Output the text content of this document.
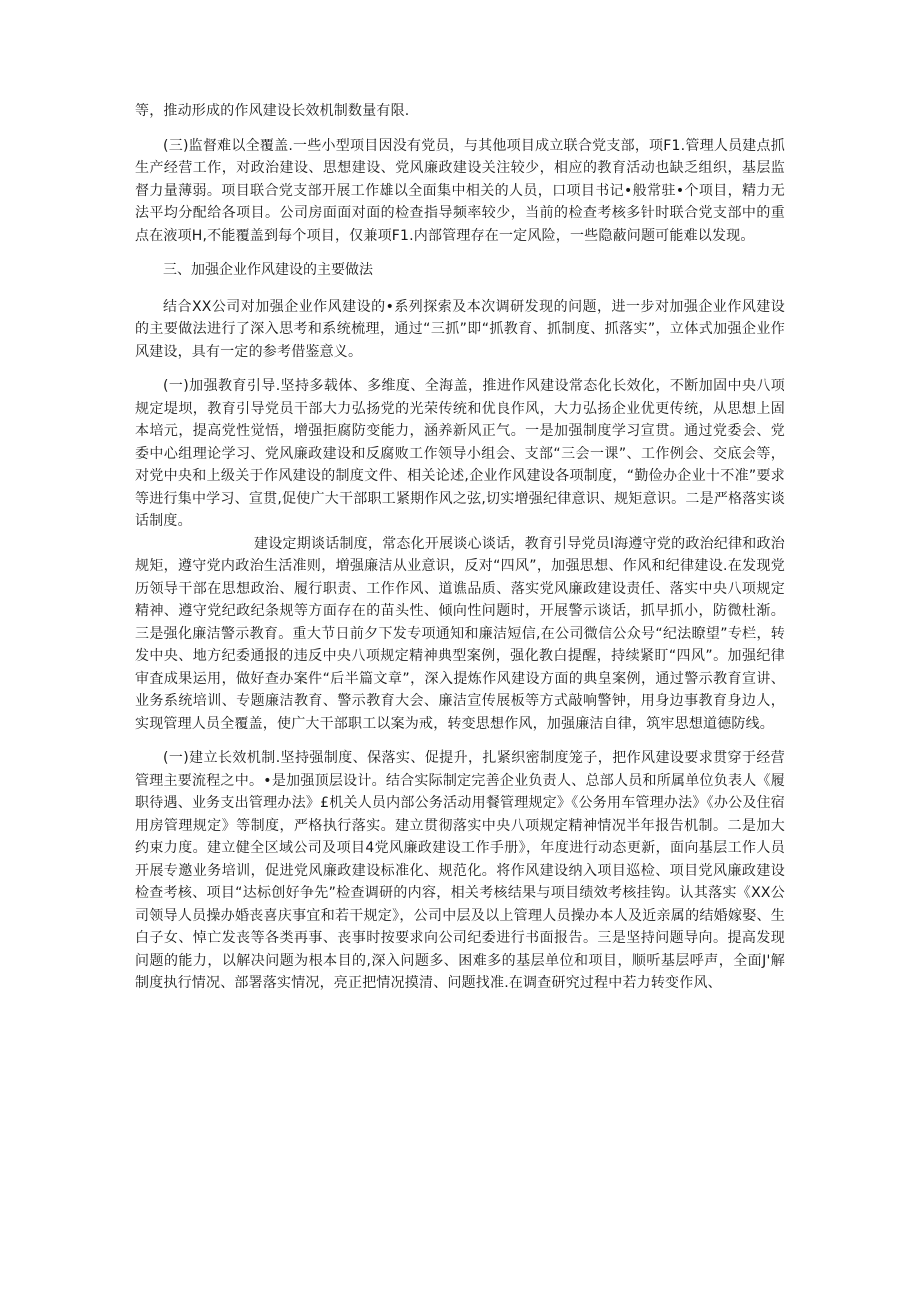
等，推动形成的作风建设长效机制数量有限.

(三)监督难以全覆盖.一些小型项目因没有党员，与其他项目成立联合党支部，项F1.管理人员建点抓生产经营工作，对政治建设、思想建设、党风廉政建设关注较少，相应的教育活动也缺乏组织，基层监督力量薄弱。项目联合党支部开展工作雄以全面集中相关的人员，口项目书记•般常驻•个项目，精力无法平均分配给各项目。公司房面面对面的检查指导频率较少，当前的检查考核多针时联合党支部中的重点在液项H,不能覆盖到每个项目，仅兼项F1.内部管理存在一定风险，一些隐蔽问题可能难以发现。

三、加强企业作风建设的主要做法

结合XX公司对加强企业作风建设的•系列探索及本次调研发现的问题，进一步对加强企业作风建设的主要做法进行了深入思考和系统梳理，通过“三抓”即“抓教育、抓制度、抓落实”，立体式加强企业作风建设，具有一定的参考借鉴意义。

(一)加强教育引导.坚持多载体、多维度、全海盖，推进作风建设常态化长效化，不断加固中央八项规定堤坝，教育引导党员干部大力弘扬党的光荣传统和优良作风，大力弘扬企业优更传统，从思想上固本培元，提高党性觉悟，增强拒腐防变能力，涵养新风正气。一是加强制度学习宣贯。通过党委会、党委中心组理论学习、党风廉政建设和反腐败工作领导小组会、支部“三会一课”、工作例会、交底会等，对党中央和上级关于作风建设的制度文件、相关论述,企业作风建设各项制度，“勤俭办企业十不准”要求等进行集中学习、宣贯,促使广大干部职工紧期作风之弦,切实增强纪律意识、规矩意识。二是严格落实谈话制度。

建设定期谈话制度，常态化开展谈心谈话，教育引导党员l海遵守党的政治纪律和政治规矩，遵守党内政治生活准则，増强廉洁从业意识，反对“四风”，加强思想、作风和纪律建设.在发现党历领导干部在思想政治、履行职责、工作作风、道谯品质、落实党风廉政建设责任、落实中央八项规定精神、遵守党纪政纪条规等方面存在的苗头性、倾向性问题时，开展警示谈话，抓早抓小，防微杜渐。三是强化廉洁警示教育。重大节日前夕下发专项通知和廉洁短信,在公司微信公众号“纪法瞭望”专栏，转发中央、地方纪委通报的违反中央八项规定精神典型案例，强化教白提醒，持续紧盯“四风”。加强纪律审査成果运用，做好查办案件“后半篇文章”，深入提炼作风建设方面的典皇案例，通过警示教育宣讲、业务系统培训、专题廉洁教育、警示教育大会、廉洁宣传展板等方式敲响警钟，用身边事教育身边人，实现管理人员全覆盖，使广大干部职工以案为戒，转变思想作风，加强廉洁自律，筑牢思想道德防线。

(一)建立长效机制.坚持强制度、保落实、促提升，扎紧织密制度笼子，把作风建设要求贯穿于经营管理主要流程之中。•是加强顶层设计。结合实际制定完善企业负责人、总部人员和所属单位负表人《履职待遇、业务支出管理办法》£机关人员内部公务活动用餐管理规定》《公务用车管理办法》《办公及住宿用房管理规定》等制度，严格执行落实。建立贯彻落实中央八项规定精神情况半年报告机制。二是加大约束力度。建立健全区域公司及项目4党风廉政建设工作手册》，年度进行动态更新，面向基层工作人员开展专邀业务培训，促进党风廉政建设标准化、规范化。将作风建设纳入项目巡检、项目党风廉政建设检查考核、项目“达标创好争先”检查调研的内容，相关考核结果与项目绩效考核挂钩。认其落实《XX公司领导人员操办婚丧喜庆事宜和若干规定》，公司中层及以上管理人员操办本人及近亲属的结婚嫁娶、生白子女、悼亡发丧等各类再事、丧事时按要求向公司纪委进行书面报告。三是坚持问题导向。提高发现问题的能力，以解决问题为根本目的,深入问题多、困难多的基层单位和项目，顺听基层呼声，全面J'解制度执行情况、部署落实情况，亮正把情况摸清、问题找准.在调查研究过程中若力转变作风、
